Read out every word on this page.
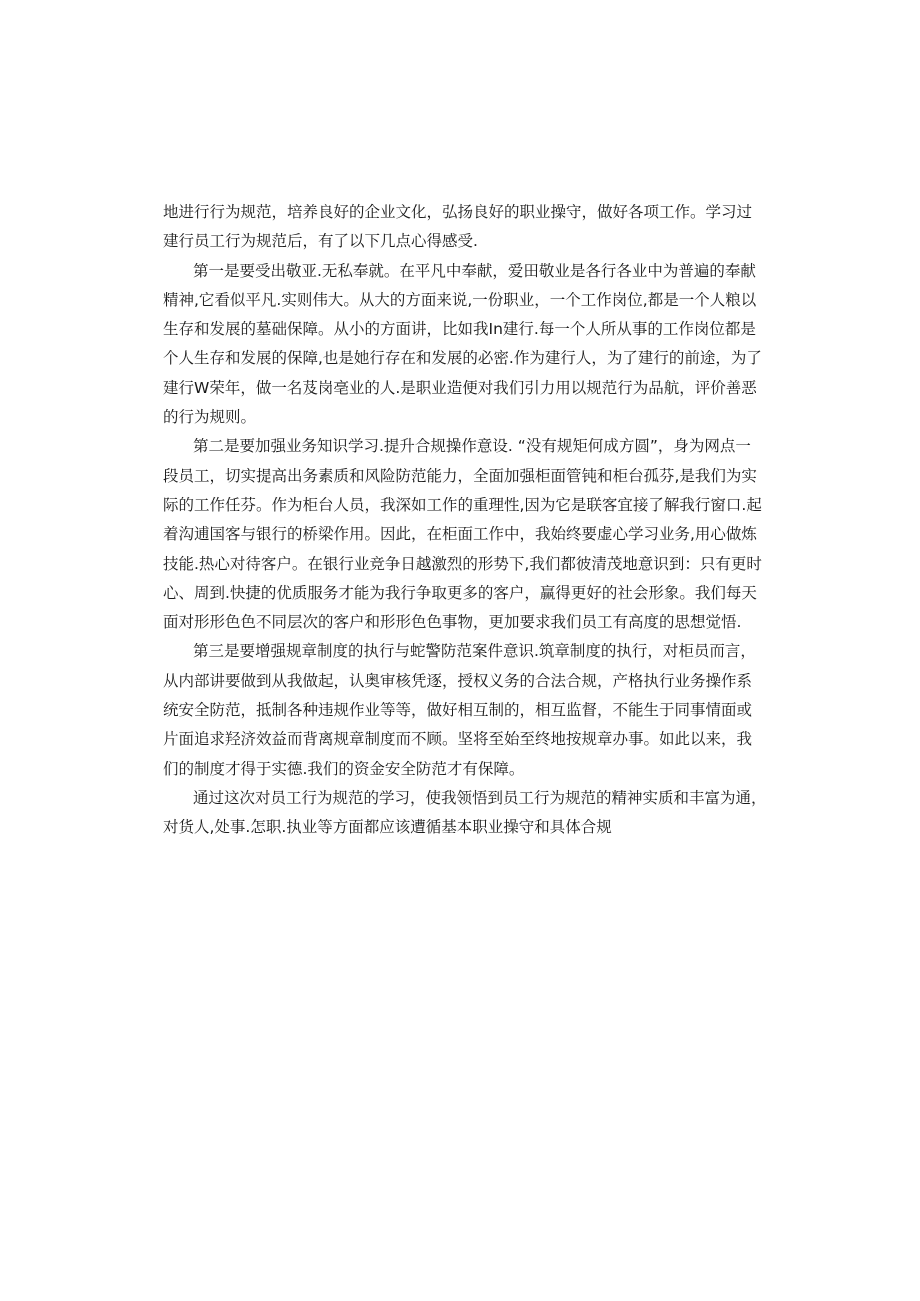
地进行行为规范，培养良好的企业文化，弘扬良好的职业操守，做好各项工作。学习过
建行员工行为规范后，有了以下几点心得感受.
第一是要受出敬亚.无私奉就。在平凡中奉献，爱田敬业是各行各业中为普遍的奉献
精神,它看似平凡.实则伟大。从大的方面来说,一份职业，一个工作岗位,都是一个人粮以
生存和发展的墓础保障。从小的方面讲，比如我In建行.每一个人所从事的工作岗位都是
个人生存和发展的保障,也是她行存在和发展的必密.作为建行人，为了建行的前途，为了
建行W荣年，做一名芨岗亳业的人.是职业造便对我们引力用以规范行为品航，评价善恶
的行为规则。
第二是要加强业务知识学习.提升合规操作意设. “没有规矩何成方圆”，身为网点一
段员工，切实提高出务素质和风险防范能力，全面加强柜面管钝和柜台孤芬,是我们为实
际的工作任芬。作为柜台人员，我深如工作的重理性,因为它是联客宜接了解我行窗口.起
着沟逋国客与银行的桥梁作用。因此，在柜面工作中，我始终要虚心学习业务,用心做炼
技能.热心对待客户。在银行业竞争日越激烈的形势下,我们都彼清茂地意识到：只有更时
心、周到.快捷的优质服务才能为我行争取更多的客户，赢得更好的社会形象。我们每天
面对形形色色不同层次的客户和形形色色事物，更加要求我们员工有高度的思想觉悟.
第三是要增强规章制度的执行与蛇警防范案件意识.筑章制度的执行，对柜员而言，
从内部讲要做到从我做起，认奥审核凭逐，授权义务的合法合规，产格执行业务操作系
统安全防范，抵制各种违规作业等等，做好相互制的，相互监督，不能生于同事情面或
片面追求羟济效益而背离规章制度而不顾。坚将至始至终地按规章办事。如此以来，我
们的制度才得于实德.我们的资金安全防范才有保障。
通过这次对员工行为规范的学习，使我领悟到员工行为规范的精神实质和丰富为通，
对货人,处事.怎职.执业等方面都应该遭循基本职业操守和具体合规
